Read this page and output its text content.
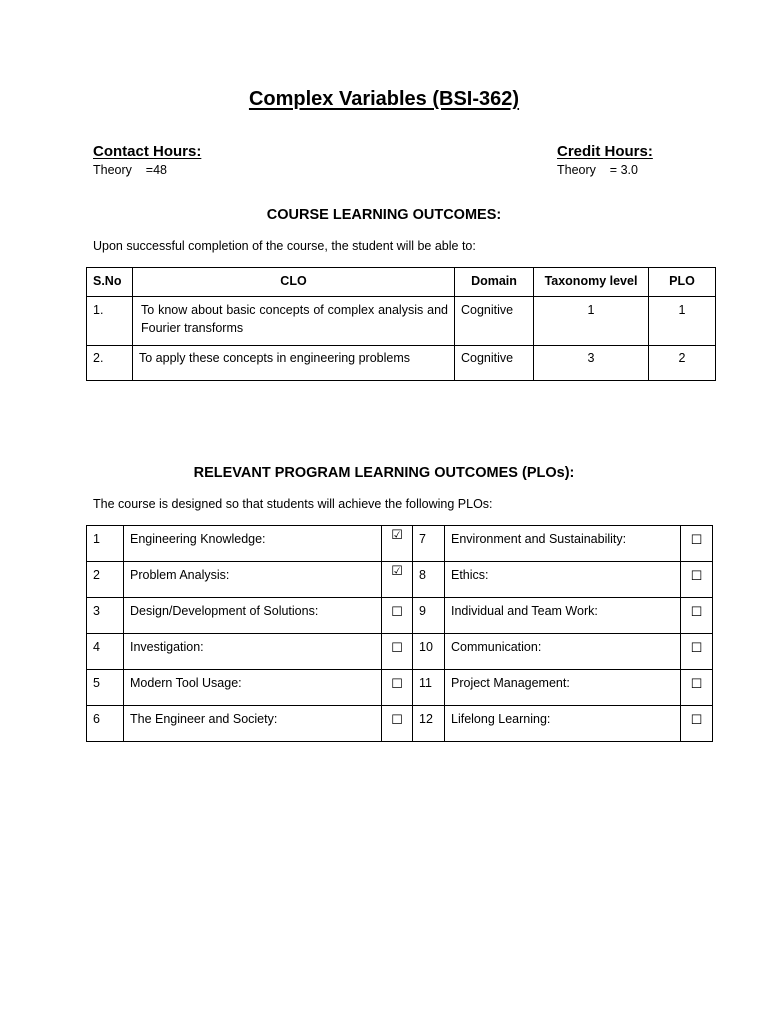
Complex Variables (BSI-362)
Contact Hours:
Theory    =48
Credit Hours:
Theory    = 3.0
COURSE LEARNING OUTCOMES:
Upon successful completion of the course, the student will be able to:
S.No	CLO	Domain	Taxonomy level	PLO
1.	To know about basic concepts of complex analysis and Fourier transforms	Cognitive	1	1
2.	To apply these concepts in engineering problems	Cognitive	3	2
RELEVANT PROGRAM LEARNING OUTCOMES (PLOs):
The course is designed so that students will achieve the following PLOs:
1	Engineering Knowledge:	☑	7	Environment and Sustainability:	☐
2	Problem Analysis:	☑	8	Ethics:	☐
3	Design/Development of Solutions:	☐	9	Individual and Team Work:	☐
4	Investigation:	☐	10	Communication:	☐
5	Modern Tool Usage:	☐	11	Project Management:	☐
6	The Engineer and Society:	☐	12	Lifelong Learning:	☐
